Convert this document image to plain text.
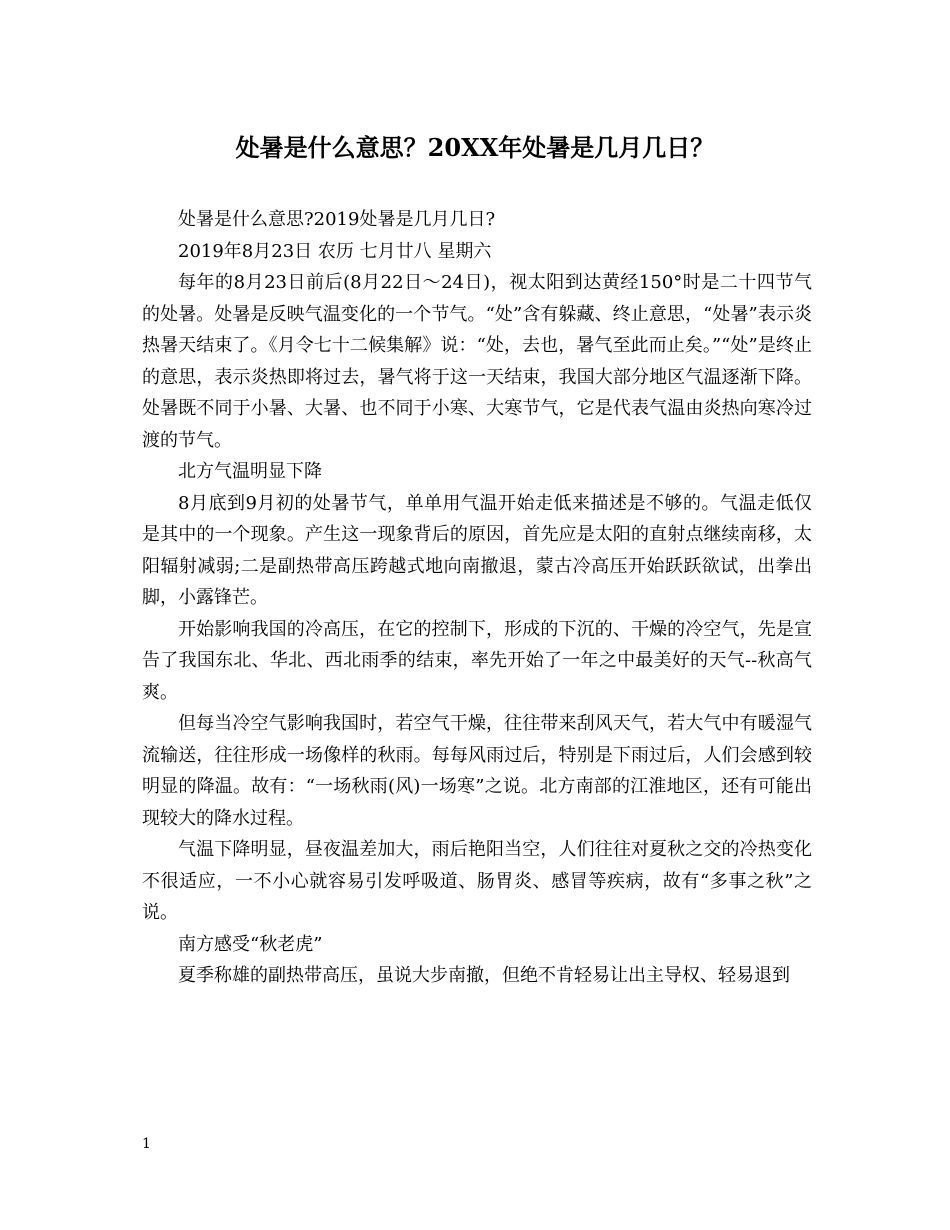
处暑是什么意思？20XX年处暑是几月几日？

处暑是什么意思?2019处暑是几月几日?

2019年8月23日 农历 七月廿八 星期六

每年的8月23日前后(8月22日～24日)，视太阳到达黄经150°时是二十四节气的处暑。处暑是反映气温变化的一个节气。“处”含有躲藏、终止意思，“处暑”表示炎热暑天结束了。《月令七十二候集解》说：“处，去也，暑气至此而止矣。”“处”是终止的意思，表示炎热即将过去，暑气将于这一天结束，我国大部分地区气温逐渐下降。处暑既不同于小暑、大暑、也不同于小寒、大寒节气，它是代表气温由炎热向寒冷过渡的节气。

北方气温明显下降

8月底到9月初的处暑节气，单单用气温开始走低来描述是不够的。气温走低仅是其中的一个现象。产生这一现象背后的原因，首先应是太阳的直射点继续南移，太阳辐射减弱;二是副热带高压跨越式地向南撤退，蒙古冷高压开始跃跃欲试，出拳出脚，小露锋芒。

开始影响我国的冷高压，在它的控制下，形成的下沉的、干燥的冷空气，先是宣告了我国东北、华北、西北雨季的结束，率先开始了一年之中最美好的天气--秋高气爽。

但每当冷空气影响我国时，若空气干燥，往往带来刮风天气，若大气中有暖湿气流输送，往往形成一场像样的秋雨。每每风雨过后，特别是下雨过后，人们会感到较明显的降温。故有：“一场秋雨(风)一场寒”之说。北方南部的江淮地区，还有可能出现较大的降水过程。

气温下降明显，昼夜温差加大，雨后艳阳当空，人们往往对夏秋之交的冷热变化不很适应，一不小心就容易引发呼吸道、肠胃炎、感冒等疾病，故有“多事之秋”之说。

南方感受“秋老虎”

夏季称雄的副热带高压，虽说大步南撤，但绝不肯轻易让出主导权、轻易退到

1
